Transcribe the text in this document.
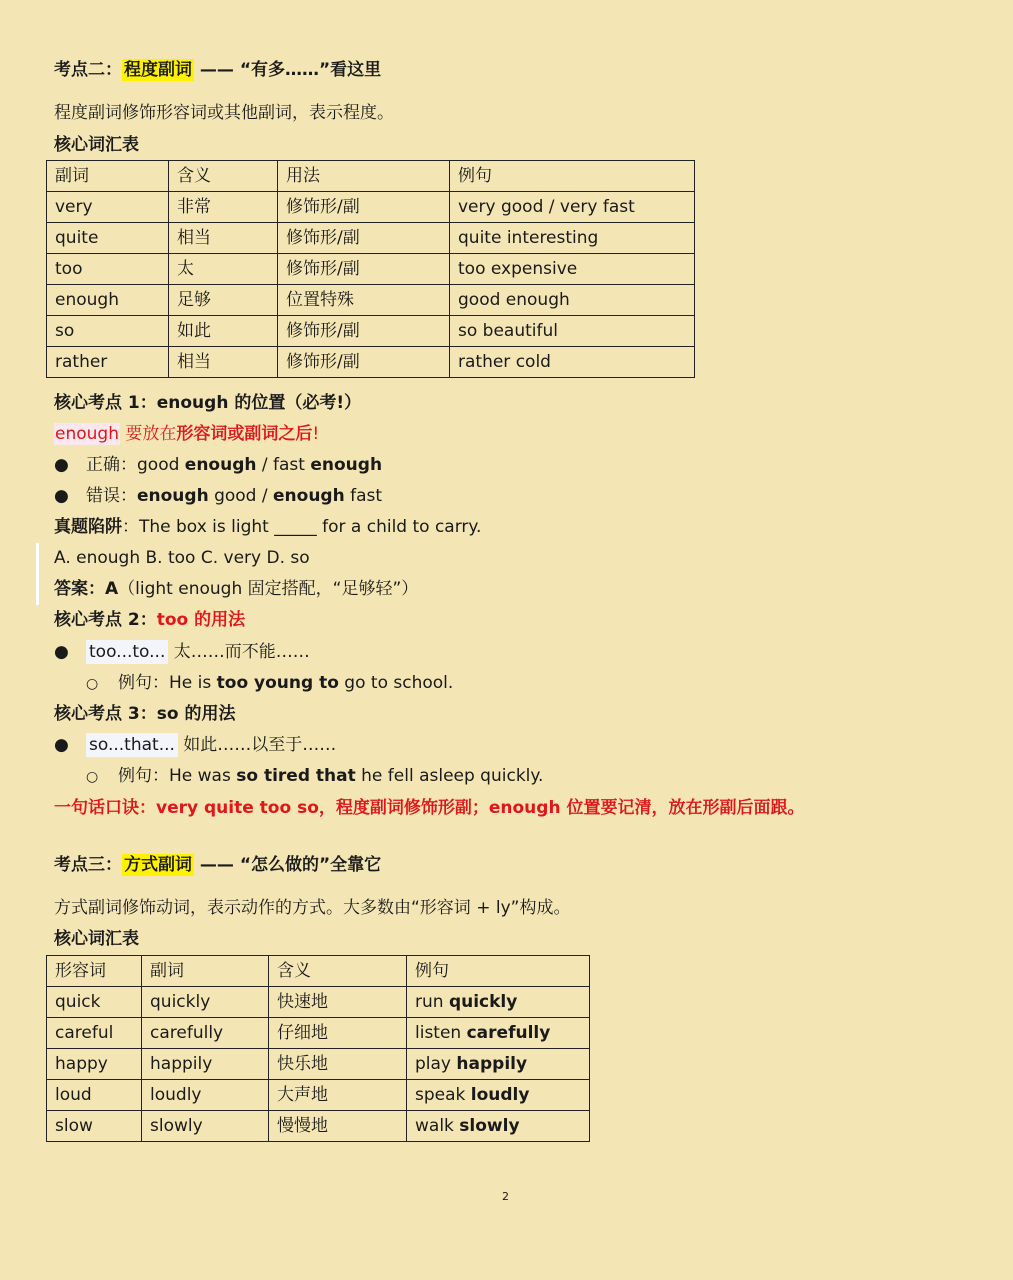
考点二： 程度副词 —— “有多……”看这里
程度副词修饰形容词或其他副词，表示程度。
核心词汇表
副词	含义	用法	例句
very	非常	修饰形/副	very good / very fast
quite	相当	修饰形/副	quite interesting
too	太	修饰形/副	too expensive
enough	足够	位置特殊	good enough
so	如此	修饰形/副	so beautiful
rather	相当	修饰形/副	rather cold
核心考点 1：enough 的位置（必考!）
enough 要放在形容词或副词之后!
● 正确：good enough / fast enough
● 错误：enough good / enough fast
真题陷阱：The box is light _____ for a child to carry.
A. enough B. too C. very D. so
答案：A（light enough 固定搭配，“足够轻”）
核心考点 2：too 的用法
● too...to... 太……而不能……
○ 例句：He is too young to go to school.
核心考点 3：so 的用法
● so...that... 如此……以至于……
○ 例句：He was so tired that he fell asleep quickly.
一句话口诀：very quite too so，程度副词修饰形副；enough 位置要记清，放在形副后面跟。
考点三： 方式副词 —— “怎么做的”全靠它
方式副词修饰动词，表示动作的方式。大多数由“形容词 + ly”构成。
核心词汇表
形容词	副词	含义	例句
quick	quickly	快速地	run quickly
careful	carefully	仔细地	listen carefully
happy	happily	快乐地	play happily
loud	loudly	大声地	speak loudly
slow	slowly	慢慢地	walk slowly
2
